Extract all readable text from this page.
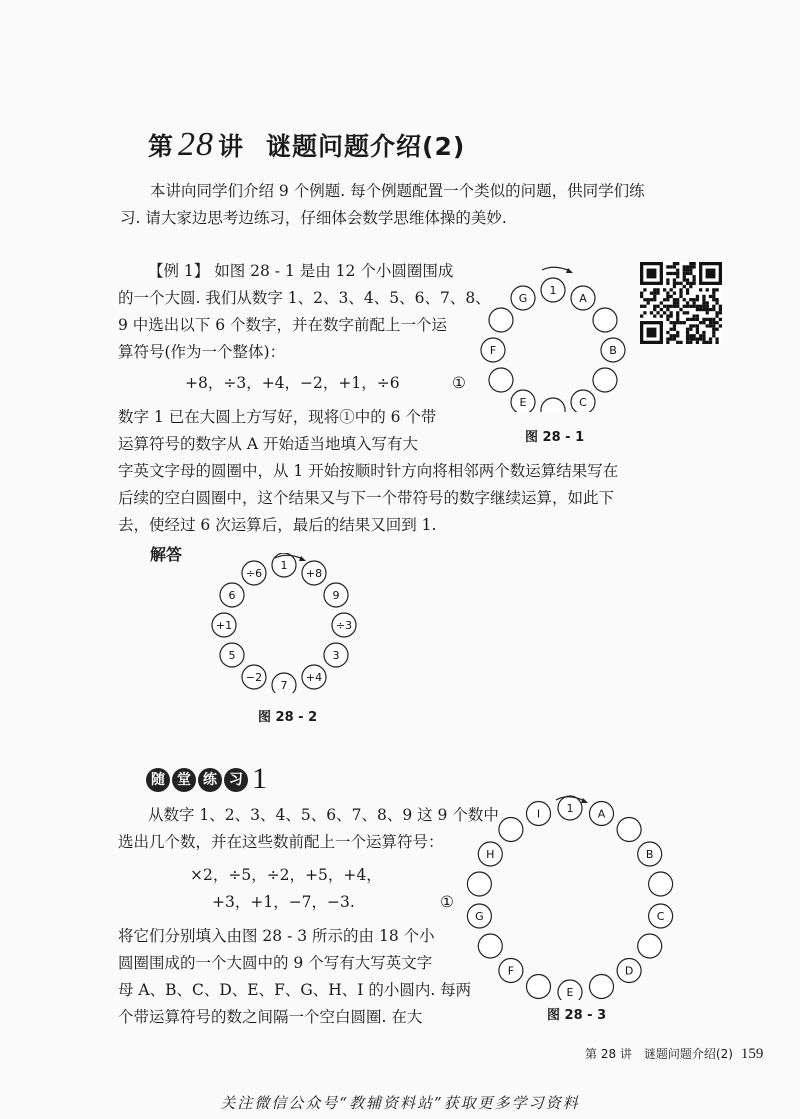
第 28 讲 谜题问题介绍(2)
本讲向同学们介绍 9 个例题. 每个例题配置一个类似的问题，供同学们练
习. 请大家边思考边练习，仔细体会数学思维体操的美妙.
【例 1】 如图 28 - 1 是由 12 个小圆圈围成
的一个大圆. 我们从数字 1、2、3、4、5、6、7、8、
9 中选出以下 6 个数字，并在数字前配上一个运
算符号(作为一个整体)：
+8，÷3，+4，−2，+1，÷6	①
数字 1 已在大圆上方写好，现将①中的 6 个带
运算符号的数字从 A 开始适当地填入写有大
字英文字母的圆圈中，从 1 开始按顺时针方向将相邻两个数运算结果写在
后续的空白圆圈中，这个结果又与下一个带符号的数字继续运算，如此下
去，使经过 6 次运算后，最后的结果又回到 1.
1
A
B
C
E
F
G
图 28 - 1
解答
1
+8
9
÷3
3
+4
7
−2
5
+1
6
÷6
图 28 - 2
随 堂 练 习 1
从数字 1、2、3、4、5、6、7、8、9 这 9 个数中
选出几个数，并在这些数前配上一个运算符号：
×2，÷5，÷2，+5，+4，
+3，+1，−7，−3.	①
将它们分别填入由图 28 - 3 所示的由 18 个小
圆圈围成的一个大圆中的 9 个写有大写英文字
母 A、B、C、D、E、F、G、H、I 的小圆内. 每两
个带运算符号的数之间隔一个空白圆圈. 在大
1 A
B
C
D
E
F
G
H
I
图 28 - 3
第 28 讲　谜题问题介绍(2) 159
关注微信公众号“教辅资料站”获取更多学习资料
